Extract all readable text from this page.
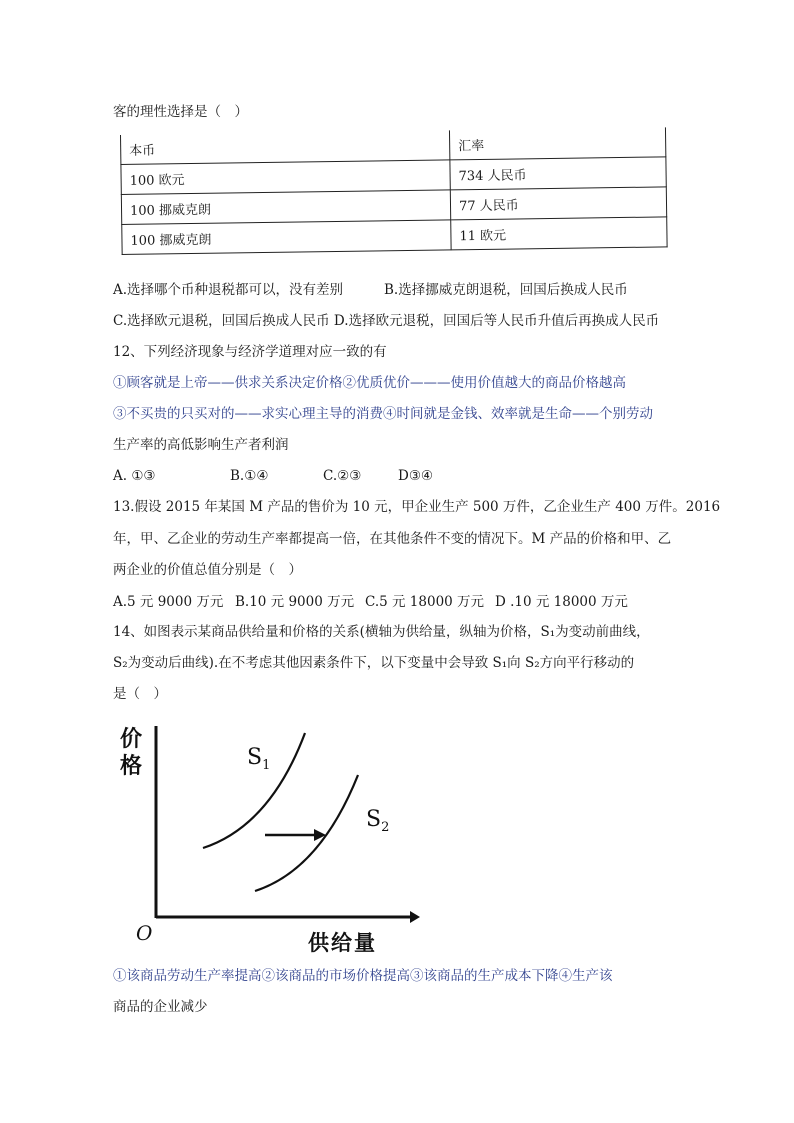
客的理性选择是（　）
本币	汇率
100 欧元	734 人民币
100 挪威克朗	77 人民币
100 挪威克朗	11 欧元
A.选择哪个币种退税都可以，没有差别	B.选择挪威克朗退税，回国后换成人民币
C.选择欧元退税，回国后换成人民币 D.选择欧元退税，回国后等人民币升值后再换成人民币
12、下列经济现象与经济学道理对应一致的有
①顾客就是上帝——供求关系决定价格②优质优价———使用价值越大的商品价格越高
③不买贵的只买对的——求实心理主导的消费④时间就是金钱、效率就是生命——个别劳动
生产率的高低影响生产者利润
A. ①③	B.①④	C.②③	D③④
13.假设 2015 年某国 M 产品的售价为 10 元，甲企业生产 500 万件，乙企业生产 400 万件。2016
年，甲、乙企业的劳动生产率都提高一倍，在其他条件不变的情况下。M 产品的价格和甲、乙
两企业的价值总值分别是（　）
A.5 元 9000 万元 B.10 元 9000 万元 C.5 元 18000 万元 D .10 元 18000 万元
14、如图表示某商品供给量和价格的关系(横轴为供给量，纵轴为价格，S₁为变动前曲线，
S₂为变动后曲线).在不考虑其他因素条件下，以下变量中会导致 S₁向 S₂方向平行移动的
是（　）
价
格
O	供给量
$S_1$
$S_2$
①该商品劳动生产率提高②该商品的市场价格提高③该商品的生产成本下降④生产该
商品的企业减少
